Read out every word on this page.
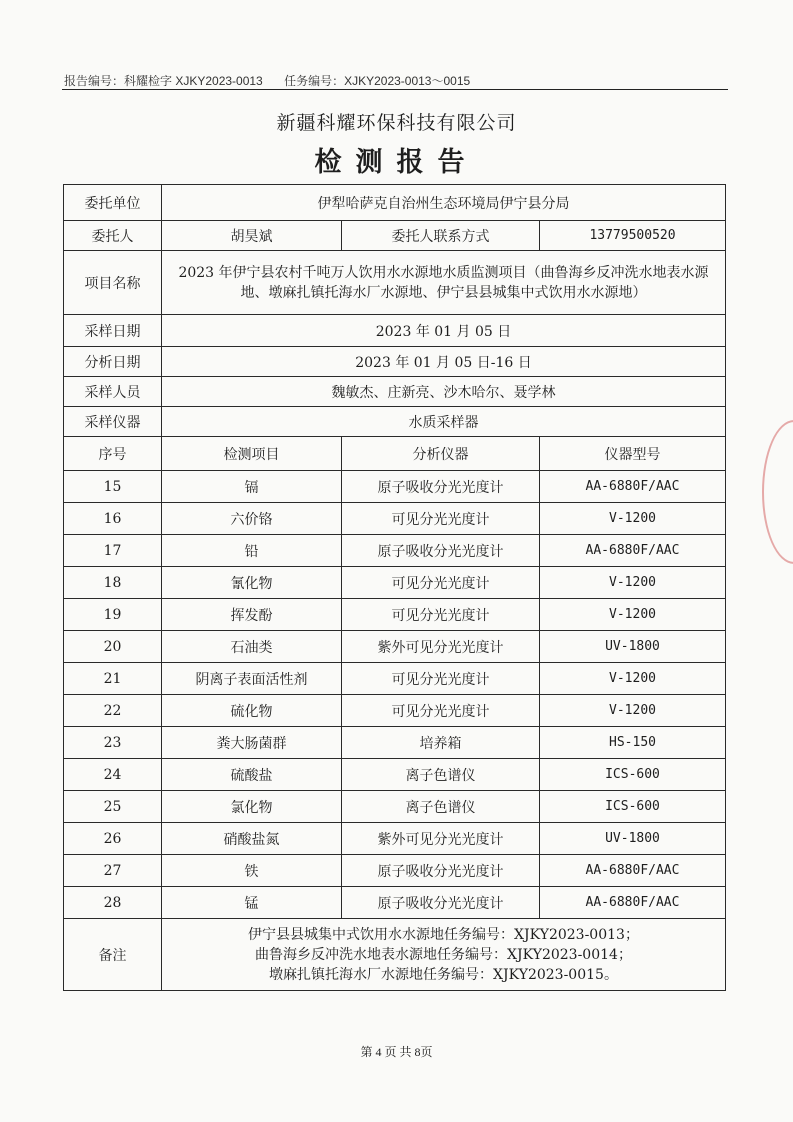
报告编号：科耀检字 XJKY2023-0013 任务编号：XJKY2023-0013～0015
新疆科耀环保科技有限公司
检测报告
委托单位	伊犁哈萨克自治州生态环境局伊宁县分局		
委托人	胡昊斌	委托人联系方式	13779500520
项目名称	2023 年伊宁县农村千吨万人饮用水水源地水质监测项目（曲鲁海乡反冲洗水地表水源地、墩麻扎镇托海水厂水源地、伊宁县县城集中式饮用水水源地）		
采样日期	2023 年 01 月 05 日		
分析日期	2023 年 01 月 05 日-16 日		
采样人员	魏敏杰、庄新亮、沙木哈尔、聂学林		
采样仪器	水质采样器		
序号	检测项目	分析仪器	仪器型号
15	镉	原子吸收分光光度计	AA-6880F/AAC
16	六价铬	可见分光光度计	V-1200
17	铅	原子吸收分光光度计	AA-6880F/AAC
18	氰化物	可见分光光度计	V-1200
19	挥发酚	可见分光光度计	V-1200
20	石油类	紫外可见分光光度计	UV-1800
21	阴离子表面活性剂	可见分光光度计	V-1200
22	硫化物	可见分光光度计	V-1200
23	粪大肠菌群	培养箱	HS-150
24	硫酸盐	离子色谱仪	ICS-600
25	氯化物	离子色谱仪	ICS-600
26	硝酸盐氮	紫外可见分光光度计	UV-1800
27	铁	原子吸收分光光度计	AA-6880F/AAC
28	锰	原子吸收分光光度计	AA-6880F/AAC
备注	伊宁县县城集中式饮用水水源地任务编号：XJKY2023-0013；
曲鲁海乡反冲洗水地表水源地任务编号：XJKY2023-0014；
墩麻扎镇托海水厂水源地任务编号：XJKY2023-0015。		
第 4 页 共 8页
